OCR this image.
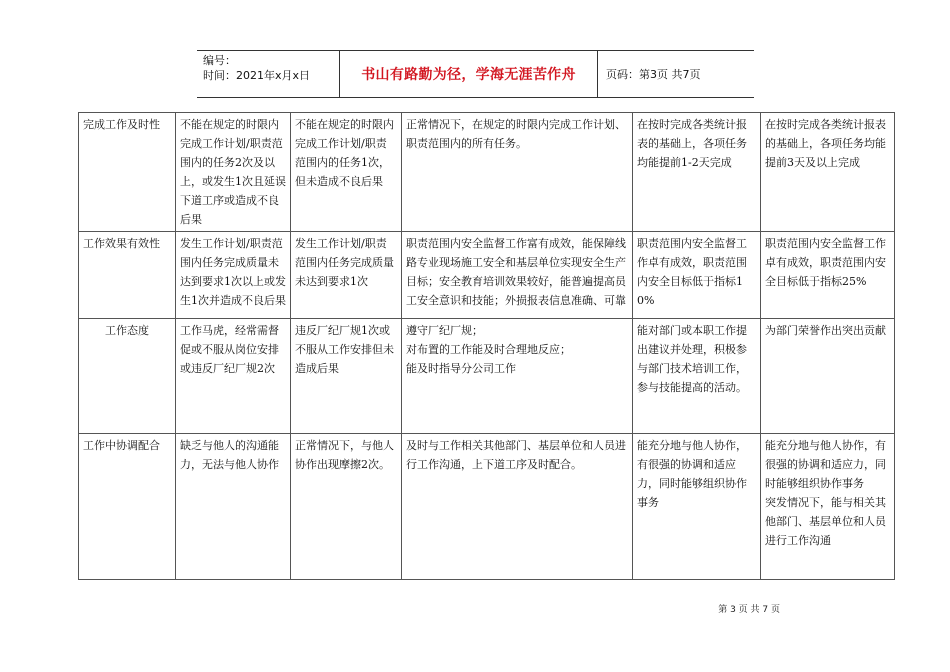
编号：
时间：2021年x月x日	书山有路勤为径，学海无涯苦作舟	页码：第3页 共7页
完成工作及时性	不能在规定的时限内完成工作计划/职责范围内的任务2次及以上，或发生1次且延误下道工序或造成不良后果	不能在规定的时限内完成工作计划/职责范围内的任务1次，但未造成不良后果	正常情况下，在规定的时限内完成工作计划、职责范围内的所有任务。	在按时完成各类统计报表的基础上，各项任务均能提前1-2天完成	在按时完成各类统计报表的基础上，各项任务均能提前3天及以上完成
工作效果有效性	发生工作计划/职责范围内任务完成质量未达到要求1次以上或发生1次并造成不良后果	发生工作计划/职责范围内任务完成质量未达到要求1次	职责范围内安全监督工作富有成效，能保障线路专业现场施工安全和基层单位实现安全生产目标；安全教育培训效果较好，能普遍提高员工安全意识和技能；外损报表信息准确、可靠	职责范围内安全监督工作卓有成效，职责范围内安全目标低于指标10%	职责范围内安全监督工作卓有成效，职责范围内安全目标低于指标25%
工作态度	工作马虎，经常需督促或不服从岗位安排或违反厂纪厂规2次	违反厂纪厂规1次或不服从工作安排但未造成后果	遵守厂纪厂规；
对布置的工作能及时合理地反应；
能及时指导分公司工作	能对部门或本职工作提出建议并处理，积极参与部门技术培训工作，参与技能提高的活动。	为部门荣誉作出突出贡献
工作中协调配合	缺乏与他人的沟通能力，无法与他人协作	正常情况下，与他人协作出现摩擦2次。	及时与工作相关其他部门、基层单位和人员进行工作沟通，上下道工序及时配合。	能充分地与他人协作，有很强的协调和适应力，同时能够组织协作事务	能充分地与他人协作，有很强的协调和适应力，同时能够组织协作事务
突发情况下，能与相关其他部门、基层单位和人员进行工作沟通
第 3 页 共 7 页
